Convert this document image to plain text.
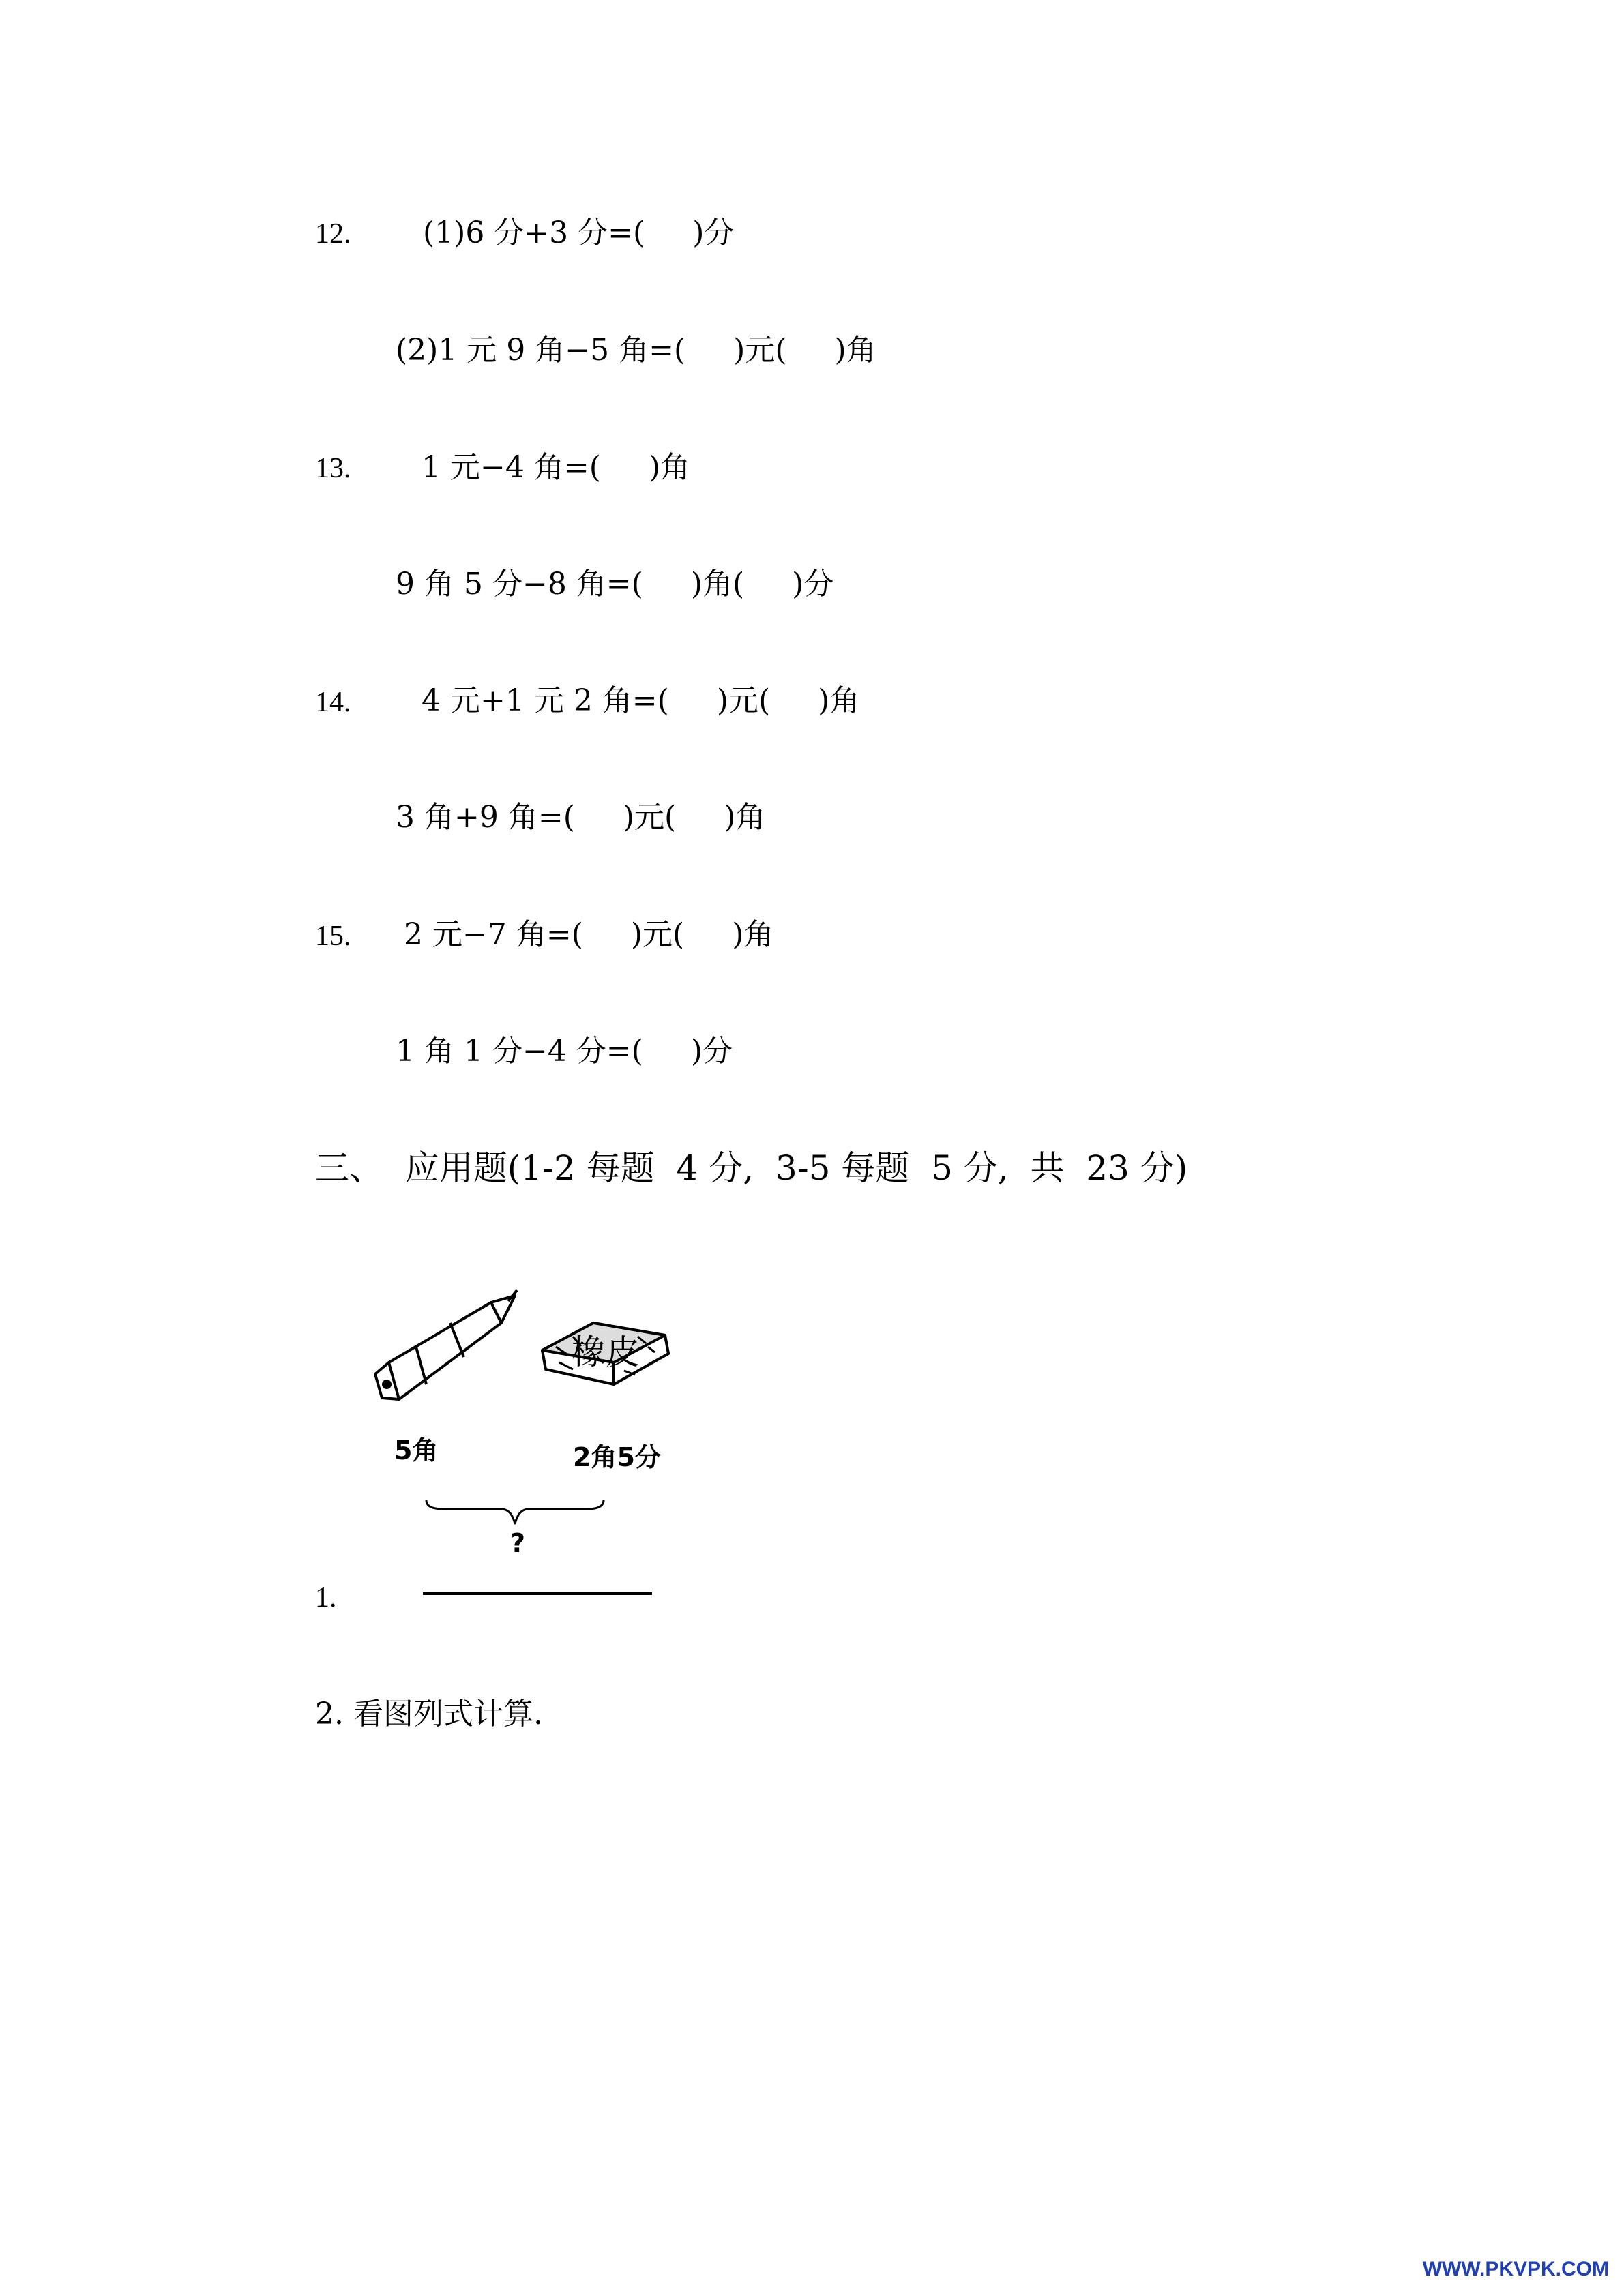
12. (1)6 分+3 分=( )分
(2)1 元 9 角−5 角=( )元( )角
13. 1 元−4 角=( )角
9 角 5 分−8 角=( )角( )分
14. 4 元+1 元 2 角=( )元( )角
3 角+9 角=( )元( )角
15. 2 元−7 角=( )元( )角
1 角 1 分−4 分=( )分
三、  应用题(1-2 每题  4 分,  3-5 每题  5 分,  共  23 分)
橡皮
5角	2角5分
?
1.
2. 看图列式计算.
WWW.PKVPK.COM
